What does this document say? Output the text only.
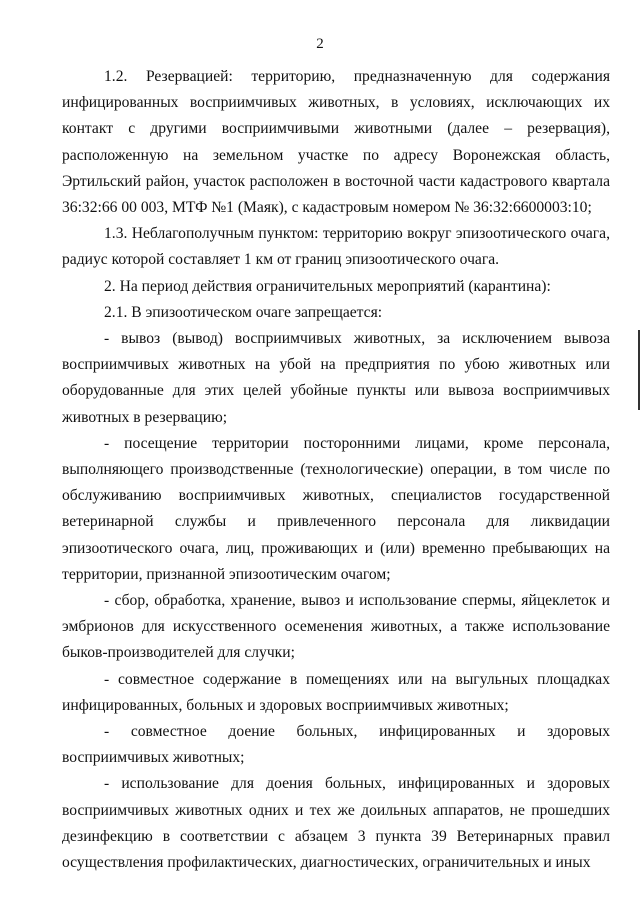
2

1.2. Резервацией: территорию, предназначенную для содержания инфицированных восприимчивых животных, в условиях, исключающих их контакт с другими восприимчивыми животными (далее – резервация), расположенную на земельном участке по адресу Воронежская область, Эртильский район, участок расположен в восточной части кадастрового квартала 36:32:66 00 003, МТФ №1 (Маяк), с кадастровым номером № 36:32:6600003:10;

1.3. Неблагополучным пунктом: территорию вокруг эпизоотического очага, радиус которой составляет 1 км от границ эпизоотического очага.

2. На период действия ограничительных мероприятий (карантина):

2.1. В эпизоотическом очаге запрещается:

- вывоз (вывод) восприимчивых животных, за исключением вывоза восприимчивых животных на убой на предприятия по убою животных или оборудованные для этих целей убойные пункты или вывоза восприимчивых животных в резервацию;

- посещение территории посторонними лицами, кроме персонала, выполняющего производственные (технологические) операции, в том числе по обслуживанию восприимчивых животных, специалистов государственной ветеринарной службы и привлеченного персонала для ликвидации эпизоотического очага, лиц, проживающих и (или) временно пребывающих на территории, признанной эпизоотическим очагом;

- сбор, обработка, хранение, вывоз и использование спермы, яйцеклеток и эмбрионов для искусственного осеменения животных, а также использование быков-производителей для случки;

- совместное содержание в помещениях или на выгульных площадках инфицированных, больных и здоровых восприимчивых животных;

- совместное доение больных, инфицированных и здоровых восприимчивых животных;

- использование для доения больных, инфицированных и здоровых восприимчивых животных одних и тех же доильных аппаратов, не прошедших дезинфекцию в соответствии с абзацем 3 пункта 39 Ветеринарных правил осуществления профилактических, диагностических, ограничительных и иных
